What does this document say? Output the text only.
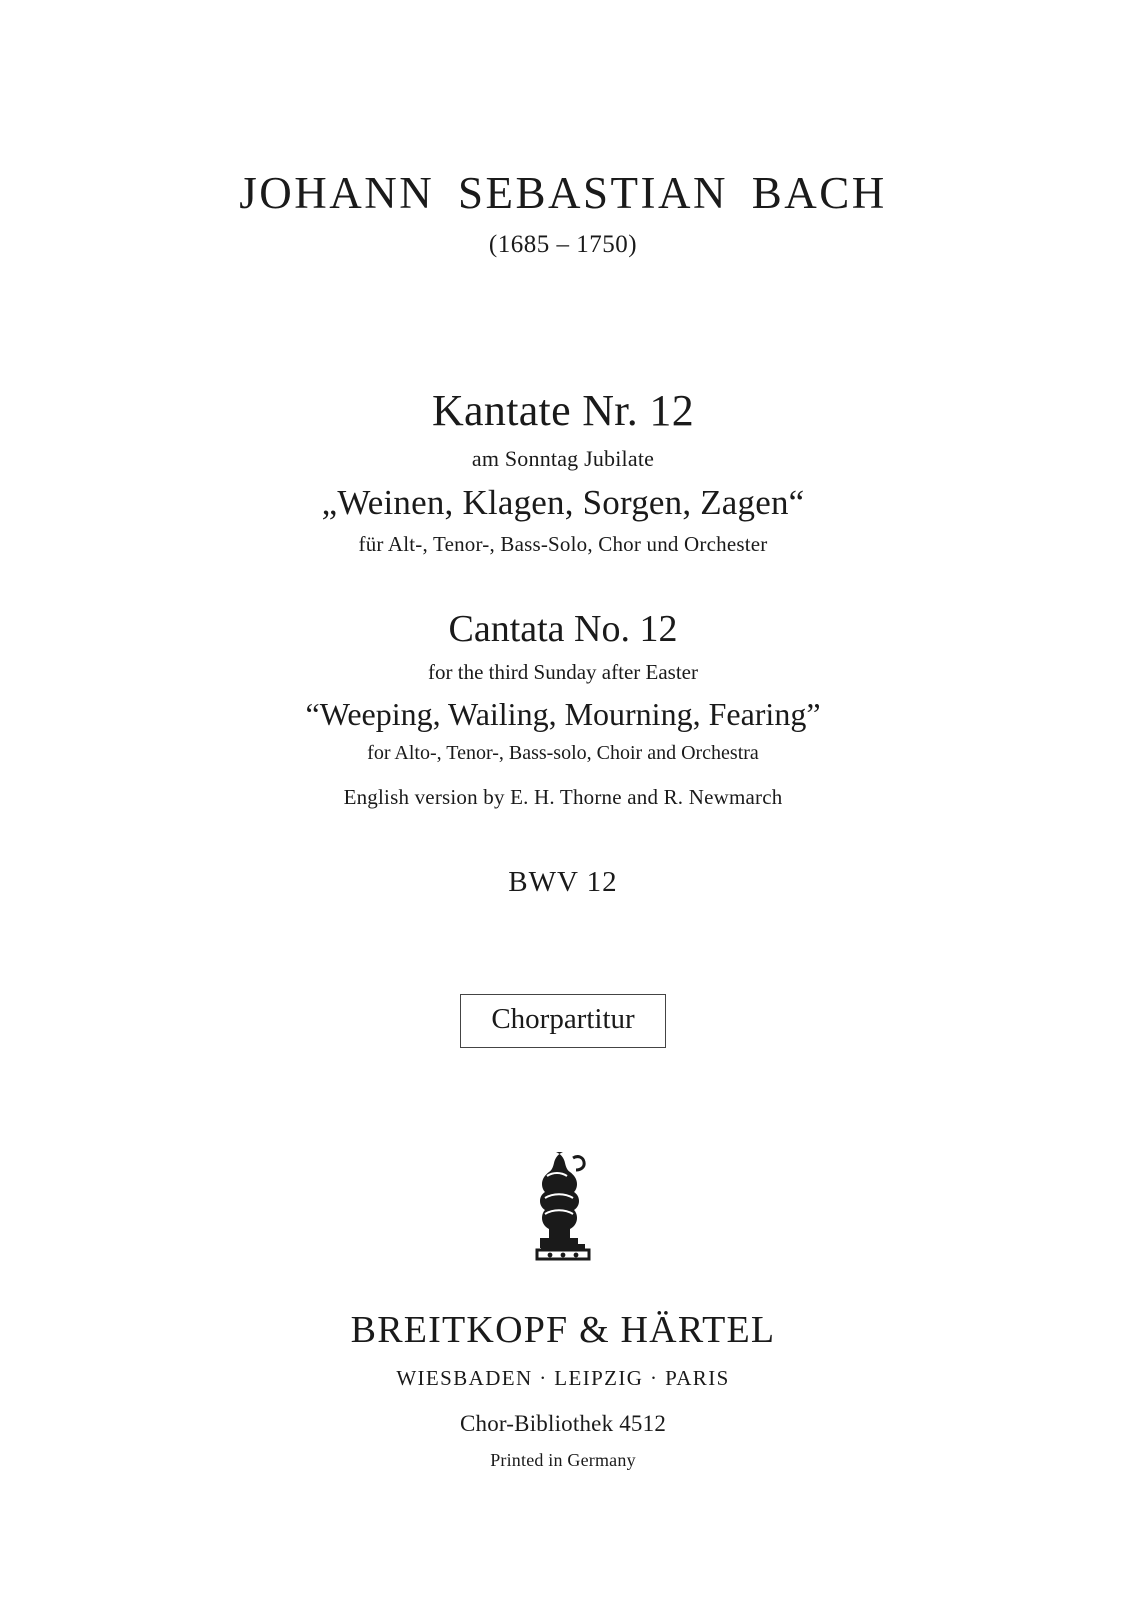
JOHANN SEBASTIAN BACH
(1685 – 1750)
Kantate Nr. 12
am Sonntag Jubilate
„Weinen, Klagen, Sorgen, Zagen“
für Alt-, Tenor-, Bass-Solo, Chor und Orchester
Cantata No. 12
for the third Sunday after Easter
“Weeping, Wailing, Mourning, Fearing”
for Alto-, Tenor-, Bass-solo, Choir and Orchestra
English version by E. H. Thorne and R. Newmarch
BWV 12
Chorpartitur
BREITKOPF & HÄRTEL
WIESBADEN · LEIPZIG · PARIS
Chor-Bibliothek 4512
Printed in Germany
